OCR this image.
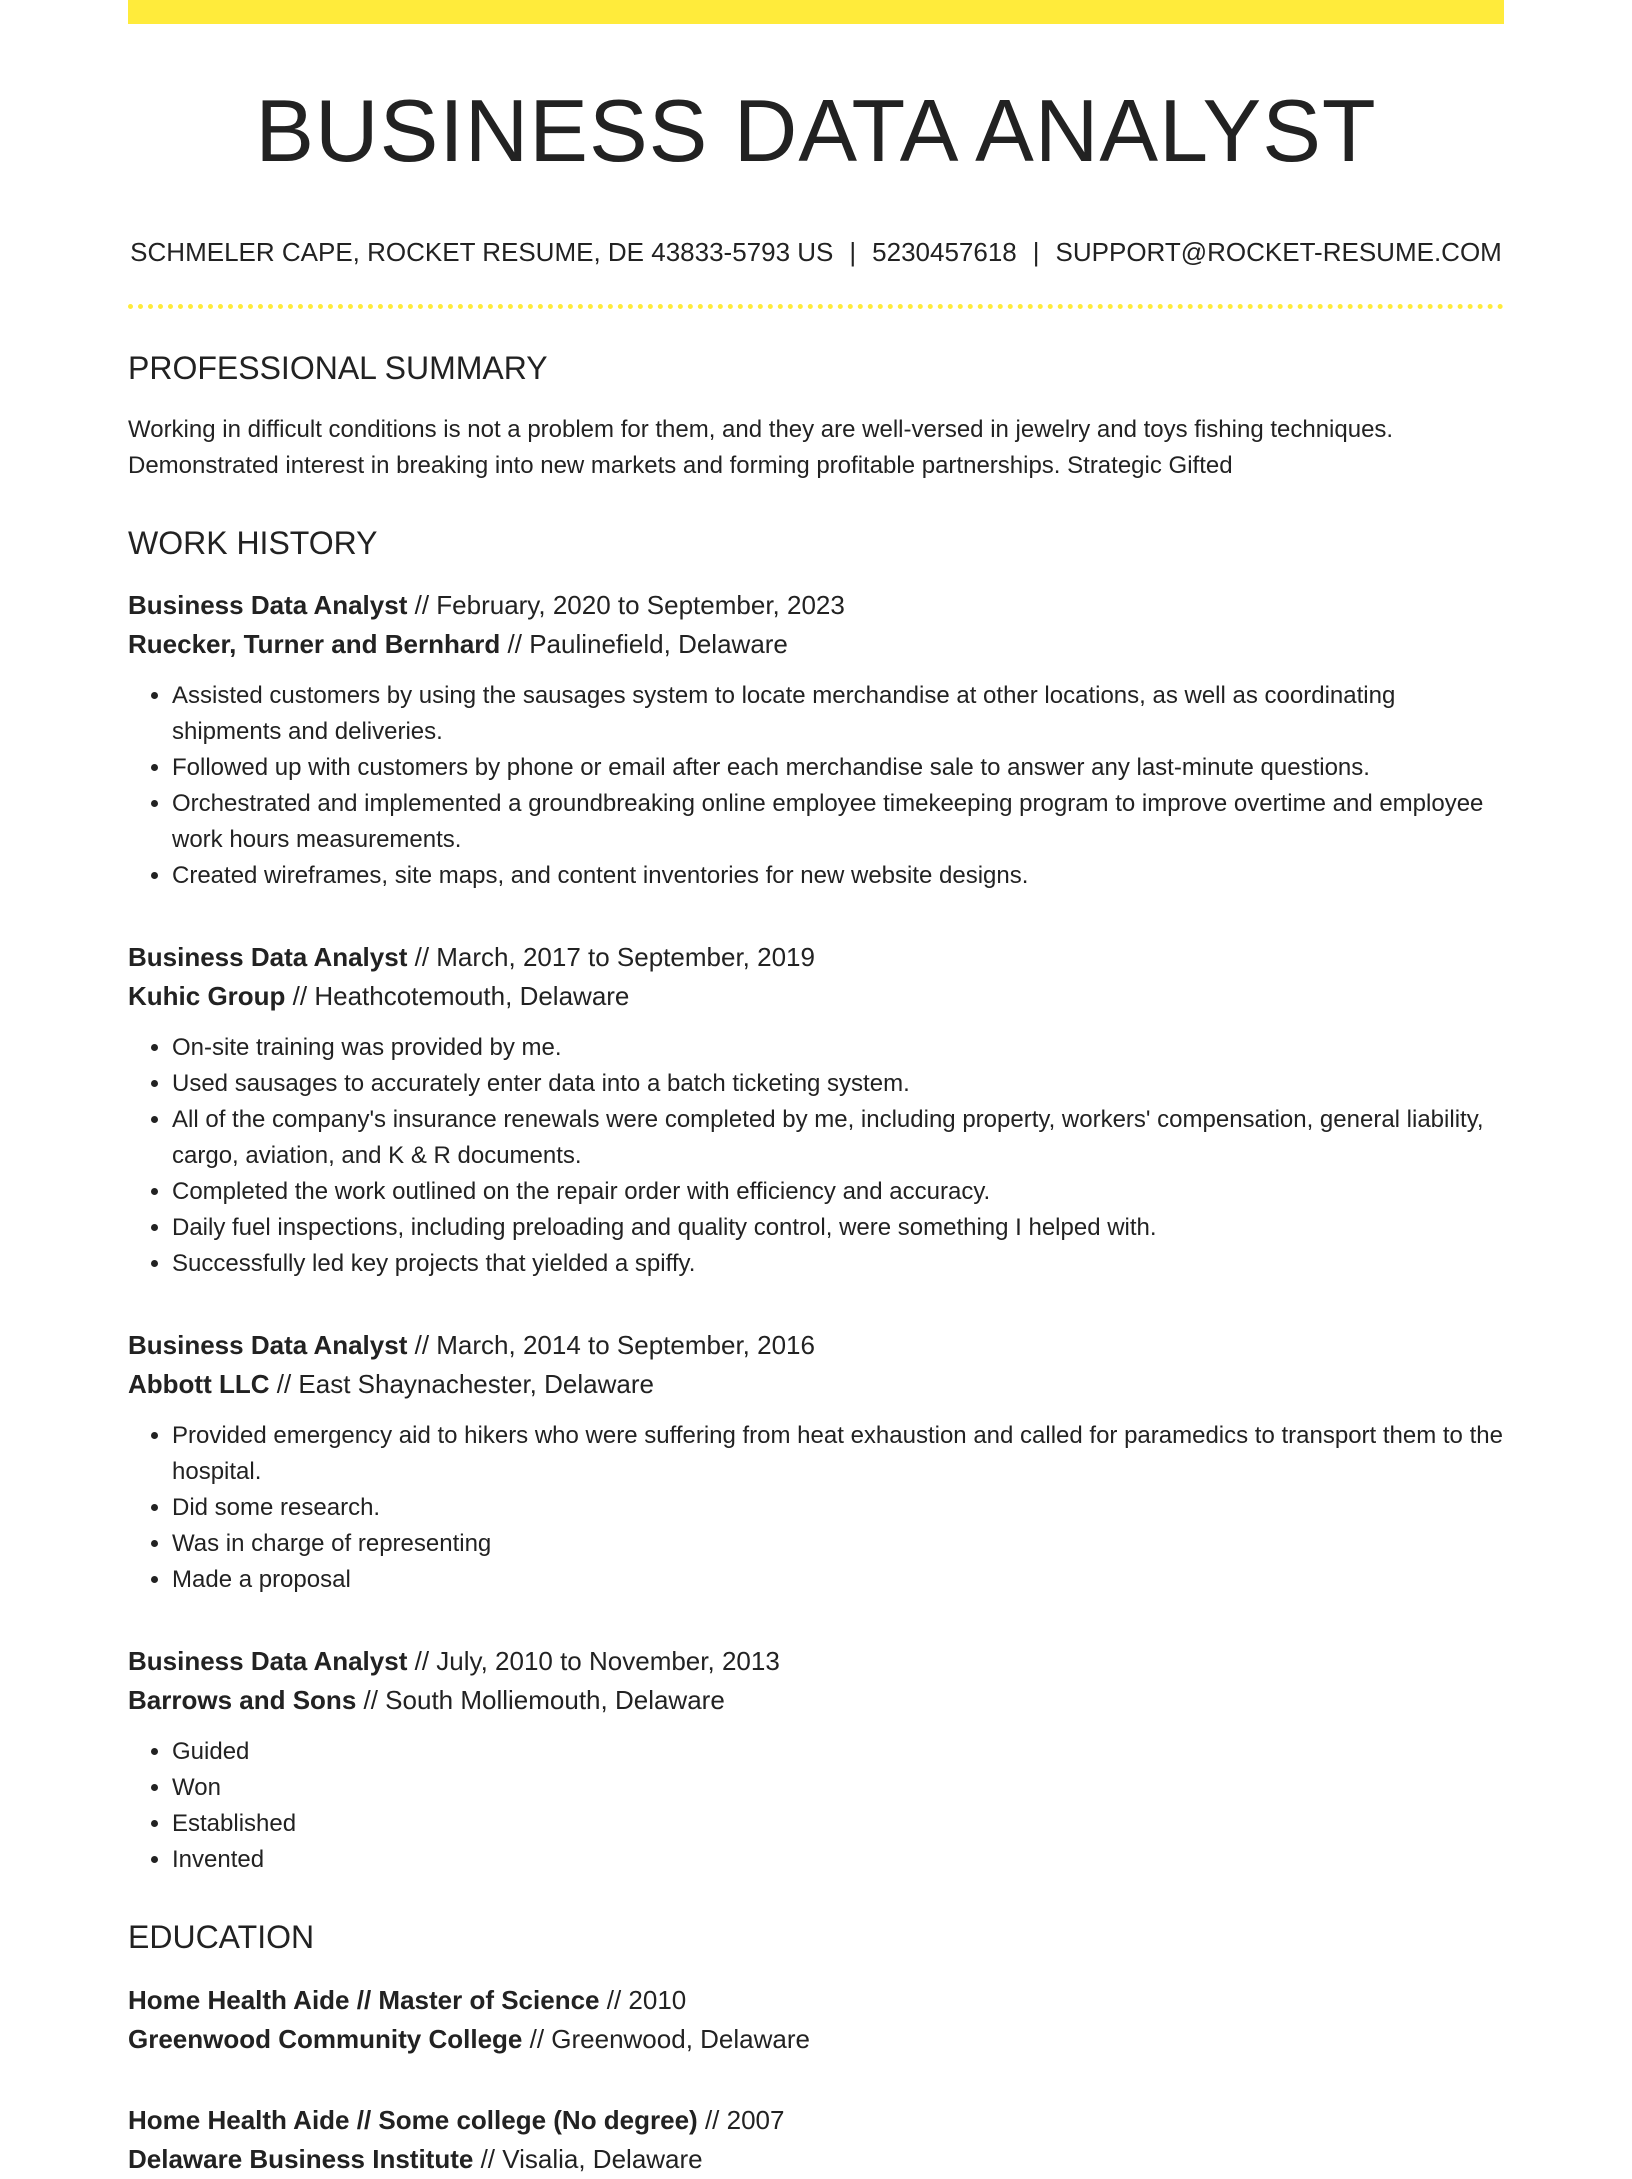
BUSINESS DATA ANALYST
SCHMELER CAPE, ROCKET RESUME, DE 43833-5793 US | 5230457618 | SUPPORT@ROCKET-RESUME.COM
PROFESSIONAL SUMMARY

Working in difficult conditions is not a problem for them, and they are well-versed in jewelry and toys fishing techniques. Demonstrated interest in breaking into new markets and forming profitable partnerships. Strategic Gifted

WORK HISTORY
Business Data Analyst // February, 2020 to September, 2023
Ruecker, Turner and Bernhard // Paulinefield, Delaware
• Assisted customers by using the sausages system to locate merchandise at other locations, as well as coordinating shipments and deliveries.
• Followed up with customers by phone or email after each merchandise sale to answer any last-minute questions.
• Orchestrated and implemented a groundbreaking online employee timekeeping program to improve overtime and employee work hours measurements.
• Created wireframes, site maps, and content inventories for new website designs.
Business Data Analyst // March, 2017 to September, 2019
Kuhic Group // Heathcotemouth, Delaware
• On-site training was provided by me.
• Used sausages to accurately enter data into a batch ticketing system.
• All of the company's insurance renewals were completed by me, including property, workers' compensation, general liability, cargo, aviation, and K & R documents.
• Completed the work outlined on the repair order with efficiency and accuracy.
• Daily fuel inspections, including preloading and quality control, were something I helped with.
• Successfully led key projects that yielded a spiffy.
Business Data Analyst // March, 2014 to September, 2016
Abbott LLC // East Shaynachester, Delaware
• Provided emergency aid to hikers who were suffering from heat exhaustion and called for paramedics to transport them to the hospital.
• Did some research.
• Was in charge of representing
• Made a proposal
Business Data Analyst // July, 2010 to November, 2013
Barrows and Sons // South Molliemouth, Delaware
• Guided
• Won
• Established
• Invented
EDUCATION
Home Health Aide // Master of Science // 2010
Greenwood Community College // Greenwood, Delaware
Home Health Aide // Some college (No degree) // 2007
Delaware Business Institute // Visalia, Delaware
